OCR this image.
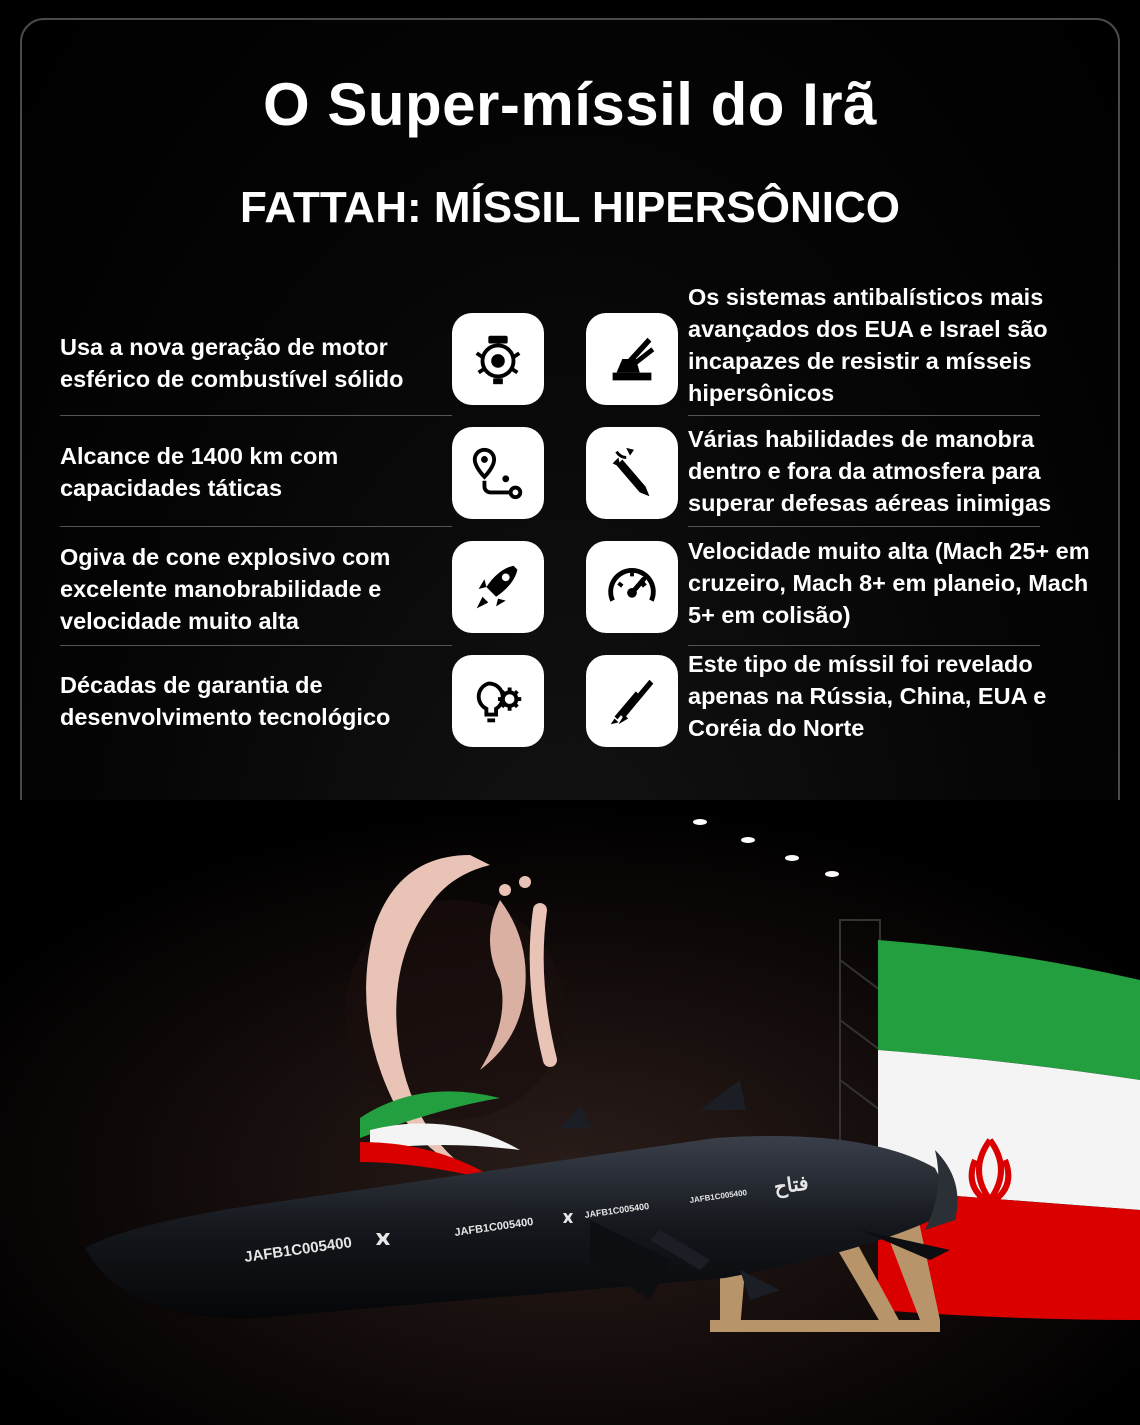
O Super-míssil do Irã
FATTAH: MÍSSIL HIPERSÔNICO
Usa a nova geração de motor esférico de combustível sólido
Alcance de 1400 km com capacidades táticas
Ogiva de cone explosivo com excelente manobrabilidade e velocidade muito alta
Décadas de garantia de desenvolvimento tecnológico
Os sistemas antibalísticos mais avançados dos EUA e Israel são incapazes de resistir a mísseis hipersônicos
Várias habilidades de manobra dentro e fora da atmosfera para superar defesas aéreas inimigas
Velocidade muito alta (Mach 25+ em cruzeiro, Mach 8+ em planeio, Mach 5+ em colisão)
Este tipo de míssil foi revelado apenas na Rússia, China, EUA e Coréia do Norte
JAFB1C005400
JAFB1C005400
JAFB1C005400
JAFB1C005400 فتاح
